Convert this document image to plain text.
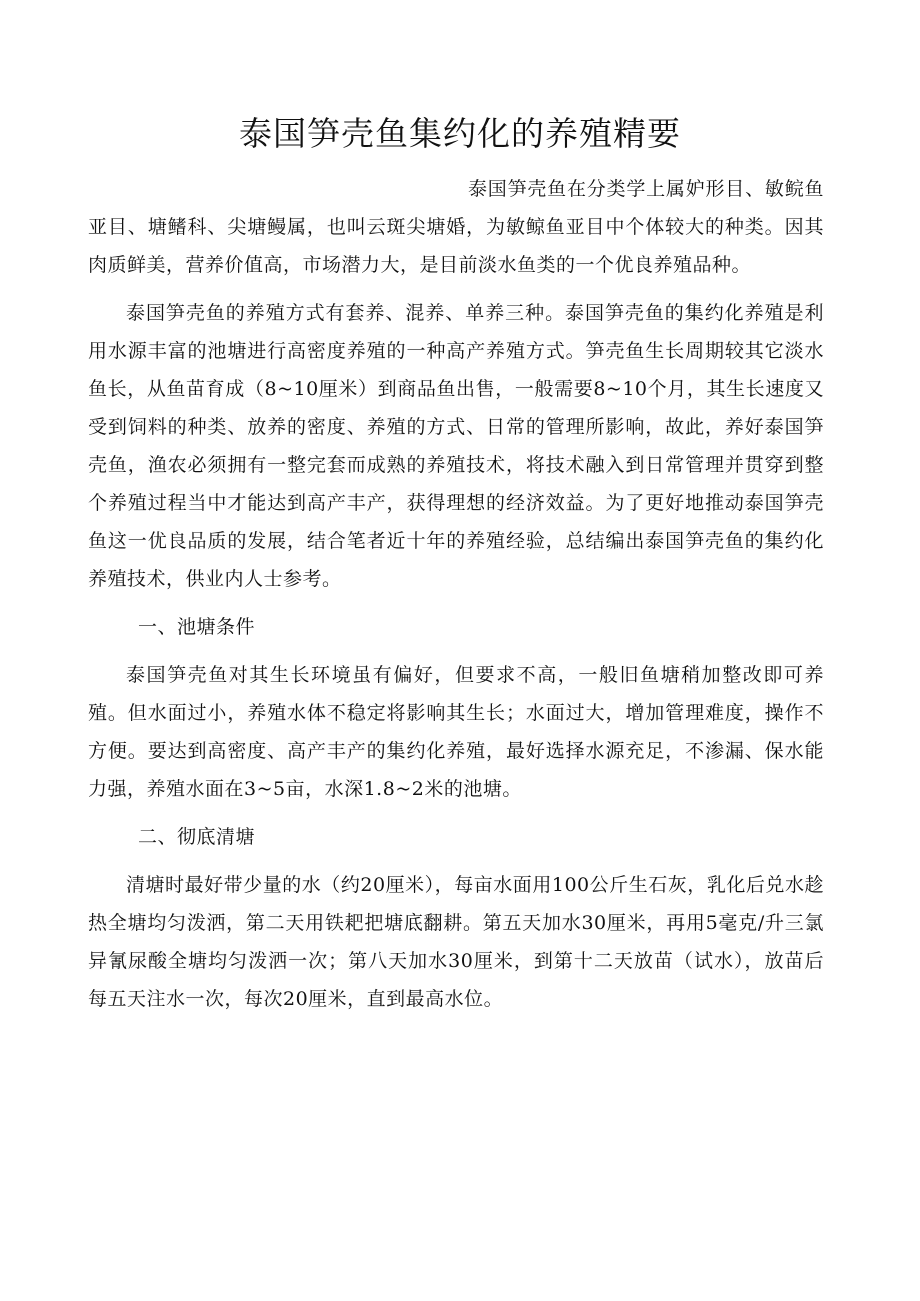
泰国笋壳鱼集约化的养殖精要

泰国笋壳鱼在分类学上属妒形目、敏鲩鱼亚目、塘鳍科、尖塘鳗属，也叫云斑尖塘婚，为敏鲸鱼亚目中个体较大的种类。因其肉质鲜美，营养价值高，市场潜力大，是目前淡水鱼类的一个优良养殖品种。

泰国笋壳鱼的养殖方式有套养、混养、单养三种。泰国笋壳鱼的集约化养殖是利用水源丰富的池塘进行高密度养殖的一种高产养殖方式。笋壳鱼生长周期较其它淡水鱼长，从鱼苗育成（8~10厘米）到商品鱼出售，一般需要8~10个月，其生长速度又受到饲料的种类、放养的密度、养殖的方式、日常的管理所影响，故此，养好泰国笋壳鱼，渔农必须拥有一整完套而成熟的养殖技术，将技术融入到日常管理并贯穿到整个养殖过程当中才能达到高产丰产，获得理想的经济效益。为了更好地推动泰国笋壳鱼这一优良品质的发展，结合笔者近十年的养殖经验，总结编出泰国笋壳鱼的集约化养殖技术，供业内人士参考。

一、池塘条件

泰国笋壳鱼对其生长环境虽有偏好，但要求不高，一般旧鱼塘稍加整改即可养殖。但水面过小，养殖水体不稳定将影响其生长；水面过大，增加管理难度，操作不方便。要达到高密度、高产丰产的集约化养殖，最好选择水源充足，不渗漏、保水能力强，养殖水面在3~5亩，水深1.8~2米的池塘。

二、彻底清塘

清塘时最好带少量的水（约20厘米），每亩水面用100公斤生石灰，乳化后兑水趁热全塘均匀泼洒，第二天用铁耙把塘底翻耕。第五天加水30厘米，再用5毫克/升三氯异氰尿酸全塘均匀泼洒一次；第八天加水30厘米，到第十二天放苗（试水），放苗后每五天注水一次，每次20厘米，直到最高水位。
